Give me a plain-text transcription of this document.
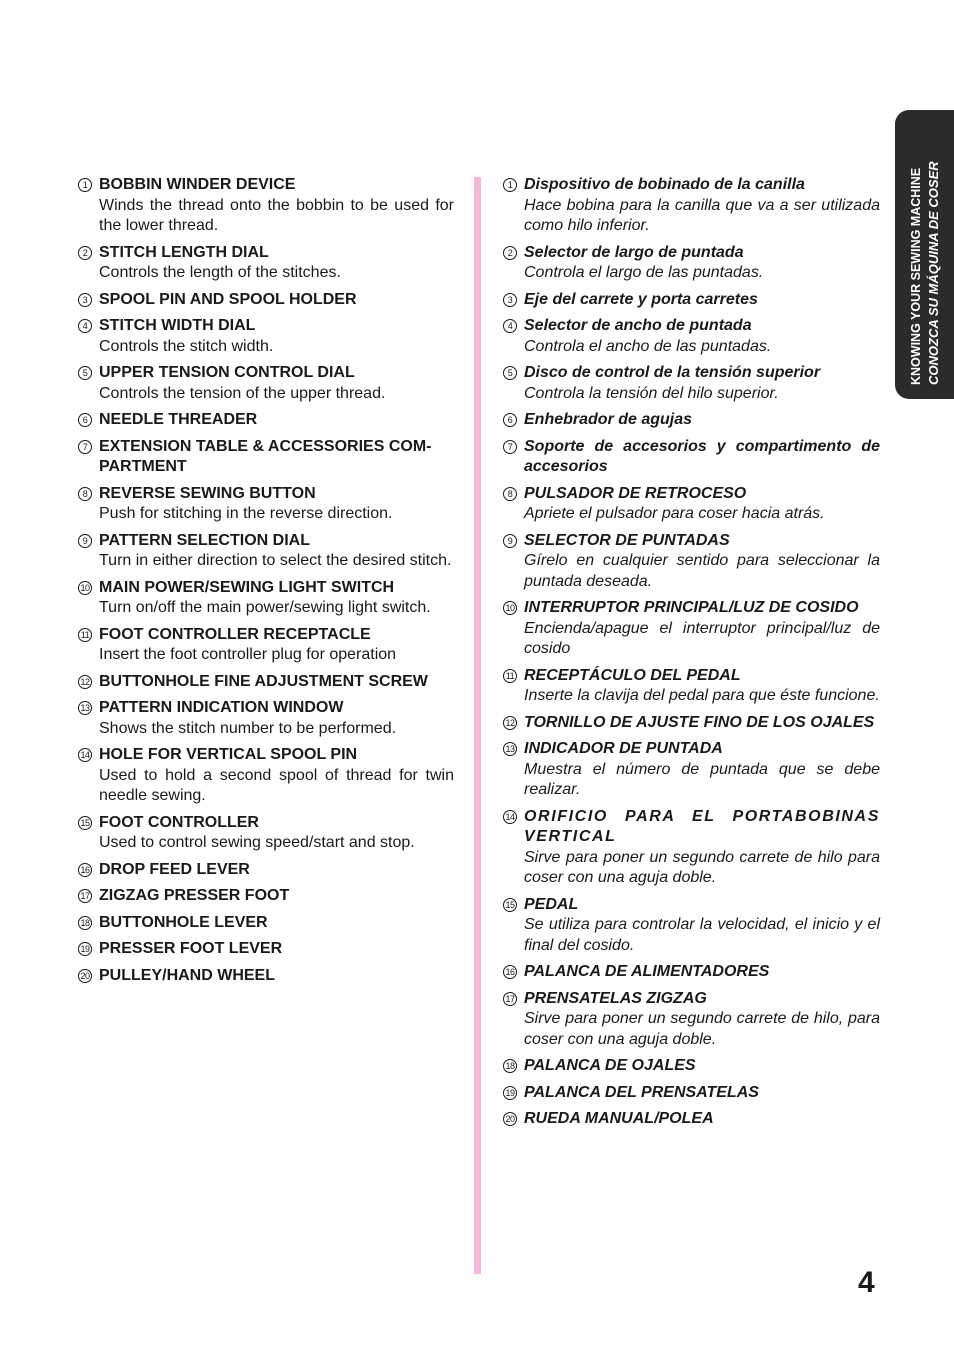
1 BOBBIN WINDER DEVICE
Winds the thread onto the bobbin to be used for the lower thread.
2 STITCH LENGTH DIAL
Controls the length of the stitches.
3 SPOOL PIN AND SPOOL HOLDER
4 STITCH WIDTH DIAL
Controls the stitch width.
5 UPPER TENSION CONTROL DIAL
Controls the tension of the upper thread.
6 NEEDLE THREADER
7 EXTENSION TABLE & ACCESSORIES COM-PARTMENT
8 REVERSE SEWING BUTTON
Push for stitching in the reverse direction.
9 PATTERN SELECTION DIAL
Turn in either direction to select the desired stitch.
10 MAIN POWER/SEWING LIGHT SWITCH
Turn on/off the main power/sewing light switch.
11 FOOT CONTROLLER RECEPTACLE
Insert the foot controller plug for operation
12 BUTTONHOLE FINE ADJUSTMENT SCREW
13 PATTERN INDICATION WINDOW
Shows the stitch number to be performed.
14 HOLE FOR VERTICAL SPOOL PIN
Used to hold a second spool of thread for twin needle sewing.
15 FOOT CONTROLLER
Used to control sewing speed/start and stop.
16 DROP FEED LEVER
17 ZIGZAG PRESSER FOOT
18 BUTTONHOLE LEVER
19 PRESSER FOOT LEVER
20 PULLEY/HAND WHEEL
1 Dispositivo de bobinado de la canilla
Hace bobina para la canilla que va a ser utilizada como hilo inferior.
2 Selector de largo de puntada
Controla el largo de las puntadas.
3 Eje del carrete y porta carretes
4 Selector de ancho de puntada
Controla el ancho de las puntadas.
5 Disco de control de la tensión superior
Controla la tensión del hilo superior.
6 Enhebrador de agujas
7 Soporte de accesorios y compartimento de accesorios
8 PULSADOR DE RETROCESO
Apriete el pulsador para coser hacia atrás.
9 SELECTOR DE PUNTADAS
Gírelo en cualquier sentido para seleccionar la puntada deseada.
10 INTERRUPTOR PRINCIPAL/LUZ DE COSIDO
Encienda/apague el interruptor principal/luz de cosido
11 RECEPTÁCULO DEL PEDAL
Inserte la clavija del pedal para que éste funcione.
12 TORNILLO DE AJUSTE FINO DE LOS OJALES
13 INDICADOR DE PUNTADA
Muestra el número de puntada que se debe realizar.
14 ORIFICIO PARA EL PORTABOBINAS VERTICAL
Sirve para poner un segundo carrete de hilo para coser con una aguja doble.
15 PEDAL
Se utiliza para controlar la velocidad, el inicio y el final del cosido.
16 PALANCA DE ALIMENTADORES
17 PRENSATELAS ZIGZAG
Sirve para poner un segundo carrete de hilo, para coser con una aguja doble.
18 PALANCA DE OJALES
19 PALANCA DEL PRENSATELAS
20 RUEDA MANUAL/POLEA
KNOWING YOUR SEWING MACHINE CONOZCA SU MÁQUINA DE COSER
4
